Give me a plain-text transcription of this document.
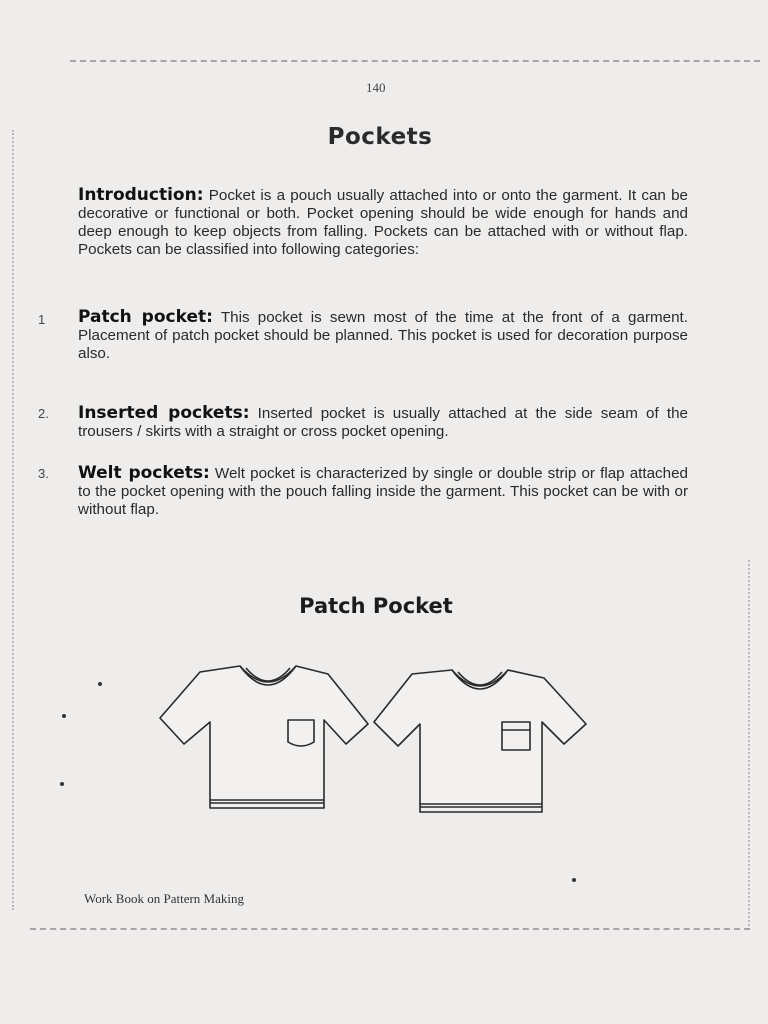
140
Pockets
Introduction: Pocket is a pouch usually attached into or onto the garment. It can be decorative or functional or both. Pocket opening should be wide enough for hands and deep enough to keep objects from falling. Pockets can be attached with or without flap. Pockets can be classified into following categories:
1 Patch pocket: This pocket is sewn most of the time at the front of a garment. Placement of patch pocket should be planned. This pocket is used for decoration purpose also.
2. Inserted pockets: Inserted pocket is usually attached at the side seam of the trousers / skirts with a straight or cross pocket opening.
3. Welt pockets: Welt pocket is characterized by single or double strip or flap attached to the pocket opening with the pouch falling inside the garment. This pocket can be with or without flap.
Patch Pocket
Work Book on Pattern Making
